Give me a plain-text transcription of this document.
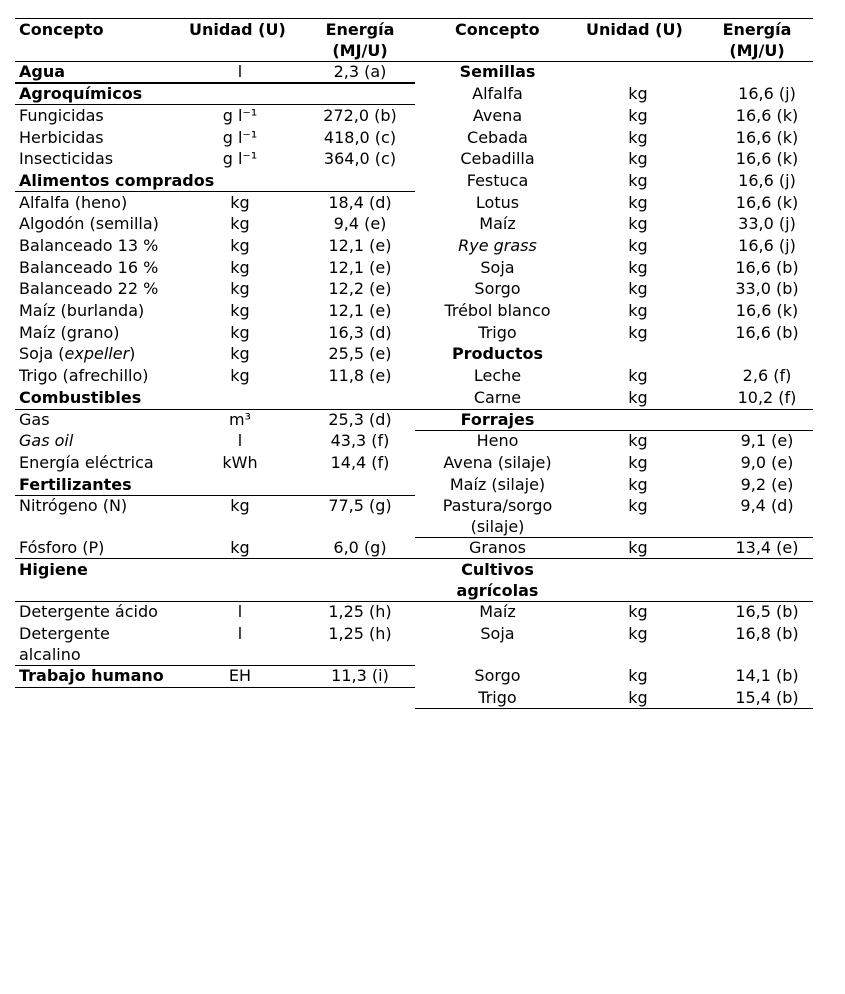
Concepto	Unidad (U)	Energía
(MJ/U)
Concepto	Unidad (U)	Energía
(MJ/U)
Agua	l	2,3 (a)
Agroquímicos
Fungicidas	g l⁻¹	272,0 (b)
Herbicidas	g l⁻¹	418,0 (c)
Insecticidas	g l⁻¹	364,0 (c)
Alimentos comprados
Alfalfa (heno)	kg	18,4 (d)
Algodón (semilla)	kg	9,4 (e)
Balanceado 13 %	kg	12,1 (e)
Balanceado 16 %	kg	12,1 (e)
Balanceado 22 %	kg	12,2 (e)
Maíz (burlanda)	kg	12,1 (e)
Maíz (grano)	kg	16,3 (d)
Soja (expeller)	kg	25,5 (e)
Trigo (afrechillo)	kg	11,8 (e)
Combustibles
Gas	m³	25,3 (d)
Gas oil	l	43,3 (f)
Energía eléctrica	kWh	14,4 (f)
Fertilizantes
Nitrógeno (N)	kg	77,5 (g)
Fósforo (P)	kg	6,0 (g)
Higiene
Detergente ácido	l	1,25 (h)
Detergente
alcalino
l	1,25 (h)
Trabajo humano	EH	11,3 (i)
Semillas
Alfalfa	kg	16,6 (j)
Avena	kg	16,6 (k)
Cebada	kg	16,6 (k)
Cebadilla	kg	16,6 (k)
Festuca	kg	16,6 (j)
Lotus	kg	16,6 (k)
Maíz	kg	33,0 (j)
Rye grass	kg	16,6 (j)
Soja	kg	16,6 (b)
Sorgo	kg	33,0 (b)
Trébol blanco	kg	16,6 (k)
Trigo	kg	16,6 (b)
Productos
Leche	kg	2,6 (f)
Carne	kg	10,2 (f)
Forrajes
Heno	kg	9,1 (e)
Avena (silaje)	kg	9,0 (e)
Maíz (silaje)	kg	9,2 (e)
Pastura/sorgo
(silaje)
kg	9,4 (d)
Granos	kg	13,4 (e)
Cultivos
agrícolas
Maíz	kg	16,5 (b)
Soja	kg	16,8 (b)
Sorgo	kg	14,1 (b)
Trigo	kg	15,4 (b)
